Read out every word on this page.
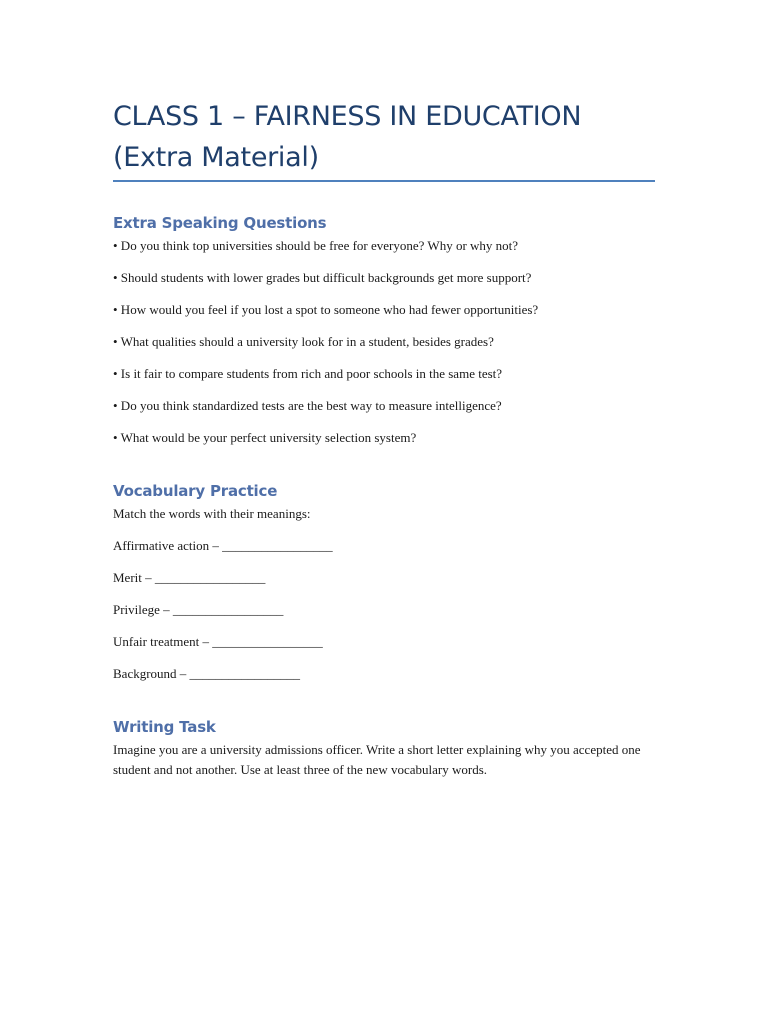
CLASS 1 – FAIRNESS IN EDUCATION
(Extra Material)
Extra Speaking Questions

• Do you think top universities should be free for everyone? Why or why not?

• Should students with lower grades but difficult backgrounds get more support?

• How would you feel if you lost a spot to someone who had fewer opportunities?

• What qualities should a university look for in a student, besides grades?

• Is it fair to compare students from rich and poor schools in the same test?

• Do you think standardized tests are the best way to measure intelligence?

• What would be your perfect university selection system?

Vocabulary Practice

Match the words with their meanings:

Affirmative action – _________________

Merit – _________________

Privilege – _________________

Unfair treatment – _________________

Background – _________________

Writing Task

Imagine you are a university admissions officer. Write a short letter explaining why you accepted one student and not another. Use at least three of the new vocabulary words.
